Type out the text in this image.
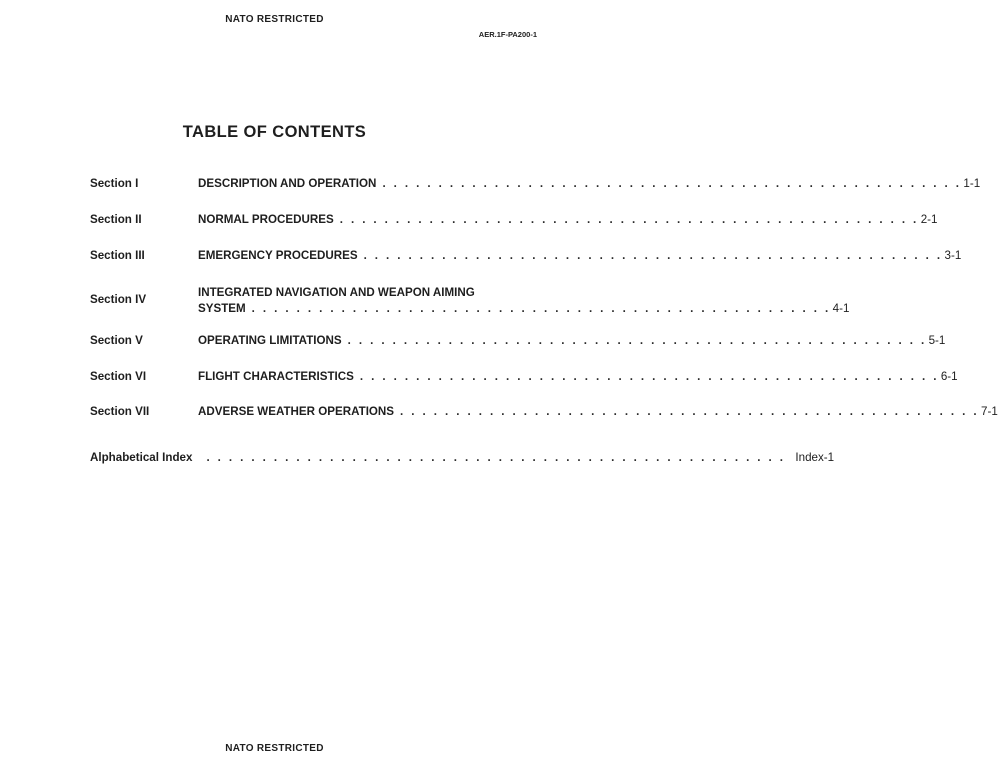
NATO RESTRICTED
AER.1F-PA200-1
TABLE OF CONTENTS
Section I	DESCRIPTION AND OPERATION . . . . . . . . . . . . . . . . . . . . . . . . . . . . . . . . . . . . . . . . . . . . . . . . . . . . 1-1
Section II	NORMAL PROCEDURES . . . . . . . . . . . . . . . . . . . . . . . . . . . . . . . . . . . . . . . . . . . . . . . . . . . . 2-1
Section III	EMERGENCY PROCEDURES . . . . . . . . . . . . . . . . . . . . . . . . . . . . . . . . . . . . . . . . . . . . . . . . . . . . 3-1
Section IV
INTEGRATED NAVIGATION AND WEAPON AIMING
SYSTEM . . . . . . . . . . . . . . . . . . . . . . . . . . . . . . . . . . . . . . . . . . . . . . . . . . . . 4-1
Section V	OPERATING LIMITATIONS . . . . . . . . . . . . . . . . . . . . . . . . . . . . . . . . . . . . . . . . . . . . . . . . . . . . 5-1
Section VI	FLIGHT CHARACTERISTICS . . . . . . . . . . . . . . . . . . . . . . . . . . . . . . . . . . . . . . . . . . . . . . . . . . . . 6-1
Section VII	ADVERSE WEATHER OPERATIONS . . . . . . . . . . . . . . . . . . . . . . . . . . . . . . . . . . . . . . . . . . . . . . . . . . . . 7-1
Alphabetical Index	. . . . . . . . . . . . . . . . . . . . . . . . . . . . . . . . . . . . . . . . . . . . . . . . . . . . Index-1
NATO RESTRICTED
